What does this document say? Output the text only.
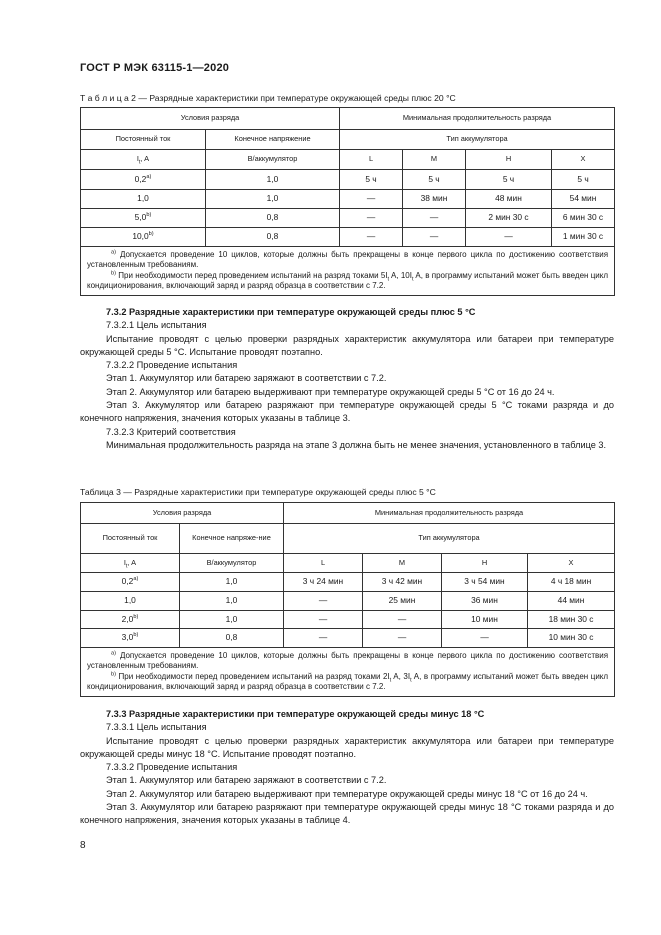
ГОСТ Р МЭК 63115-1—2020
Т а б л и ц а 2 — Разрядные характеристики при температуре окружающей среды плюс 20 °С
Условия разряда		Минимальная продолжительность разряда			
Постоянный ток	Конечное напряжение	Тип аккумулятора			
$I_t$, A	В/аккумулятор	L	M	H	X
0,2$^{a)}$	1,0	5 ч	5 ч	5 ч	5 ч
1,0	1,0	—	38 мин	48 мин	54 мин
5,0$^{b)}$	0,8	—	—	2 мин 30 с	6 мин 30 с
10,0$^{b)}$	0,8	—	—	—	1 мин 30 с

$^{a)}$ Допускается проведение 10 циклов, которые должны быть прекращены в конце первого цикла по достижению соответствия установленным требованиям.

$^{b)}$ При необходимости перед проведением испытаний на разряд токами $5I_t$ A, $10I_t$ A, в программу испытаний может быть введен цикл кондиционирования, включающий заряд и разряд образца в соответствии с 7.2.					

7.3.2 Разрядные характеристики при температуре окружающей среды плюс 5 °С

7.3.2.1 Цель испытания

Испытание проводят с целью проверки разрядных характеристик аккумулятора или батареи при температуре окружающей среды 5 °С. Испытание проводят поэтапно.

7.3.2.2 Проведение испытания

Этап 1. Аккумулятор или батарею заряжают в соответствии с 7.2.

Этап 2. Аккумулятор или батарею выдерживают при температуре окружающей среды 5 °С от 16 до 24 ч.

Этап 3. Аккумулятор или батарею разряжают при температуре окружающей среды 5 °С токами разряда и до конечного напряжения, значения которых указаны в таблице 3.

7.3.2.3 Критерий соответствия

Минимальная продолжительность разряда на этапе 3 должна быть не менее значения, установленного в таблице 3.

Таблица 3 — Разрядные характеристики при температуре окружающей среды плюс 5 °С
Условия разряда		Минимальная продолжительность разряда			
Постоянный ток	Конечное напряже-ние	Тип аккумулятора			
$I_t$, A	В/аккумулятор	L	M	H	X
0,2$^{a)}$	1,0	3 ч 24 мин	3 ч 42 мин	3 ч 54 мин	4 ч 18 мин
1,0	1,0	—	25 мин	36 мин	44 мин
2,0$^{b)}$	1,0	—	—	10 мин	18 мин 30 с
3,0$^{b)}$	0,8	—	—	—	10 мин 30 с

$^{a)}$ Допускается проведение 10 циклов, которые должны быть прекращены в конце первого цикла по достижению соответствия установленным требованиям.

$^{b)}$ При необходимости перед проведением испытаний на разряд токами $2I_t$ A, $3I_t$ A, в программу испытаний может быть введен цикл кондиционирования, включающий заряд и разряд образца в соответствии с 7.2.					

7.3.3 Разрядные характеристики при температуре окружающей среды минус 18 °С

7.3.3.1 Цель испытания

Испытание проводят с целью проверки разрядных характеристик аккумулятора или батареи при температуре окружающей среды минус 18 °С. Испытание проводят поэтапно.

7.3.3.2 Проведение испытания

Этап 1. Аккумулятор или батарею заряжают в соответствии с 7.2.

Этап 2. Аккумулятор или батарею выдерживают при температуре окружающей среды минус 18 °С от 16 до 24 ч.

Этап 3. Аккумулятор или батарею разряжают при температуре окружающей среды минус 18 °С токами разряда и до конечного напряжения, значения которых указаны в таблице 4.

8
